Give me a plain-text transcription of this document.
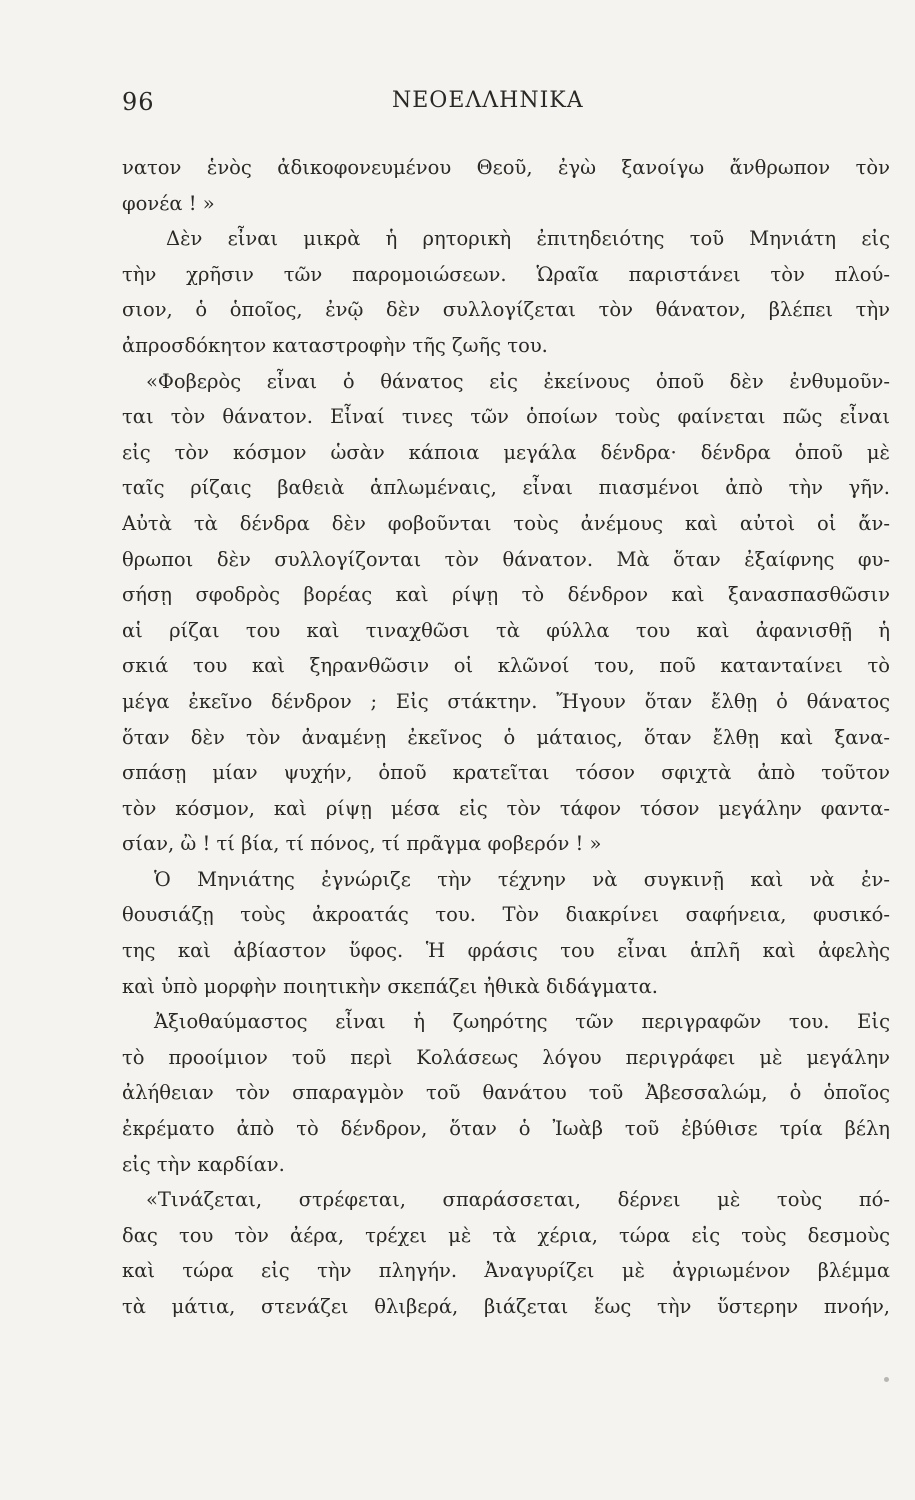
96	ΝΕΟΕΛΛΗΝΙΚΑ
νατον ἑνὸς ἀδικοφονευμένου Θεοῦ, ἐγὼ ξανοίγω ἄνθρωπον τὸν
φονέα ! »
Δὲν εἶναι μικρὰ ἡ ρητορικὴ ἐπιτηδειότης τοῦ Μηνιάτη εἰς
τὴν χρῆσιν τῶν παρομοιώσεων. Ὡραῖα παριστάνει τὸν πλού-
σιον, ὁ ὁποῖος, ἐνῷ δὲν συλλογίζεται τὸν θάνατον, βλέπει τὴν
ἀπροσδόκητον καταστροφὴν τῆς ζωῆς του.
«Φοβερὸς εἶναι ὁ θάνατος εἰς ἐκείνους ὁποῦ δὲν ἐνθυμοῦν-
ται τὸν θάνατον. Εἶναί τινες τῶν ὁποίων τοὺς φαίνεται πῶς εἶναι
εἰς τὸν κόσμον ὡσὰν κάποια μεγάλα δένδρα· δένδρα ὁποῦ μὲ
ταῖς ρίζαις βαθειὰ ἁπλωμέναις, εἶναι πιασμένοι ἀπὸ τὴν γῆν.
Αὐτὰ τὰ δένδρα δὲν φοβοῦνται τοὺς ἀνέμους καὶ αὐτοὶ οἱ ἄν-
θρωποι δὲν συλλογίζονται τὸν θάνατον. Μὰ ὅταν ἐξαίφνης φυ-
σήσῃ σφοδρὸς βορέας καὶ ρίψῃ τὸ δένδρον καὶ ξανασπασθῶσιν
αἱ ρίζαι του καὶ τιναχθῶσι τὰ φύλλα του καὶ ἀφανισθῇ ἡ
σκιά του καὶ ξηρανθῶσιν οἱ κλῶνοί του, ποῦ κατανταίνει τὸ
μέγα ἐκεῖνο δένδρον ; Εἰς στάκτην. Ἤγουν ὅταν ἔλθῃ ὁ θάνατος
ὅταν δὲν τὸν ἀναμένῃ ἐκεῖνος ὁ μάταιος, ὅταν ἔλθῃ καὶ ξανα-
σπάσῃ μίαν ψυχήν, ὁποῦ κρατεῖται τόσον σφιχτὰ ἀπὸ τοῦτον
τὸν κόσμον, καὶ ρίψῃ μέσα εἰς τὸν τάφον τόσον μεγάλην φαντα-
σίαν, ὢ ! τί βία, τί πόνος, τί πρᾶγμα φοβερόν ! »
Ὁ Μηνιάτης ἐγνώριζε τὴν τέχνην νὰ συγκινῇ καὶ νὰ ἐν-
θουσιάζῃ τοὺς ἀκροατάς του. Τὸν διακρίνει σαφήνεια, φυσικό-
της καὶ ἀβίαστον ὕφος. Ἡ φράσις του εἶναι ἁπλῆ καὶ ἀφελὴς
καὶ ὑπὸ μορφὴν ποιητικὴν σκεπάζει ἠθικὰ διδάγματα.
Ἀξιοθαύμαστος εἶναι ἡ ζωηρότης τῶν περιγραφῶν του. Εἰς
τὸ προοίμιον τοῦ περὶ Κολάσεως λόγου περιγράφει μὲ μεγάλην
ἀλήθειαν τὸν σπαραγμὸν τοῦ θανάτου τοῦ Ἀβεσσαλώμ, ὁ ὁποῖος
ἐκρέματο ἀπὸ τὸ δένδρον, ὅταν ὁ Ἰωὰβ τοῦ ἐβύθισε τρία βέλη
εἰς τὴν καρδίαν.
«Τινάζεται, στρέφεται, σπαράσσεται, δέρνει μὲ τοὺς πό-
δας του τὸν ἀέρα, τρέχει μὲ τὰ χέρια, τώρα εἰς τοὺς δεσμοὺς
καὶ τώρα εἰς τὴν πληγήν. Ἀναγυρίζει μὲ ἀγριωμένον βλέμμα
τὰ μάτια, στενάζει θλιβερά, βιάζεται ἕως τὴν ὕστερην πνοήν,
